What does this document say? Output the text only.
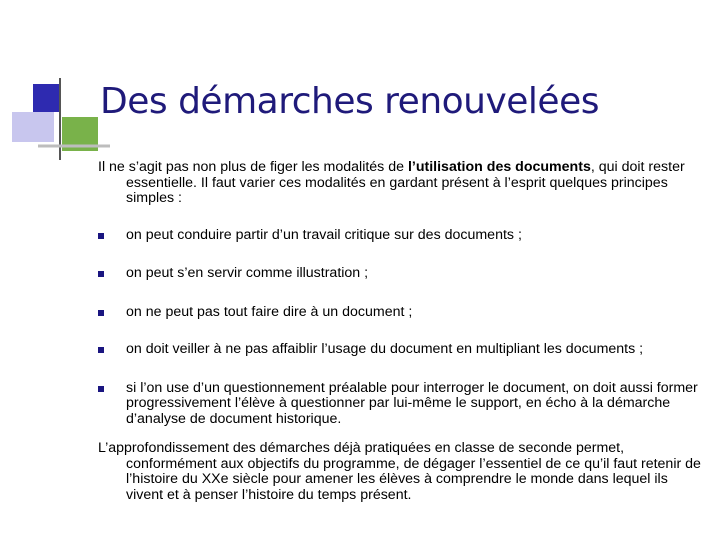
Des démarches renouvelées

Il ne s’agit pas non plus de figer les modalités de l’utilisation des documents, qui doit rester essentielle. Il faut varier ces modalités en gardant présent à l’esprit quelques principes simples :

on peut conduire partir d’un travail critique sur des documents ;
on peut s’en servir comme illustration ;
on ne peut pas tout faire dire à un document ;
on doit veiller à ne pas affaiblir l’usage du document en multipliant les documents ;
si l’on use d’un questionnement préalable pour interroger le document, on doit aussi former progressivement l’élève à questionner par lui-même le support, en écho à la démarche d’analyse de document historique.

L’approfondissement des démarches déjà pratiquées en classe de seconde permet, conformément aux objectifs du programme, de dégager l’essentiel de ce qu’il faut retenir de l’histoire du XXe siècle pour amener les élèves à comprendre le monde dans lequel ils vivent et à penser l’histoire du temps présent.
